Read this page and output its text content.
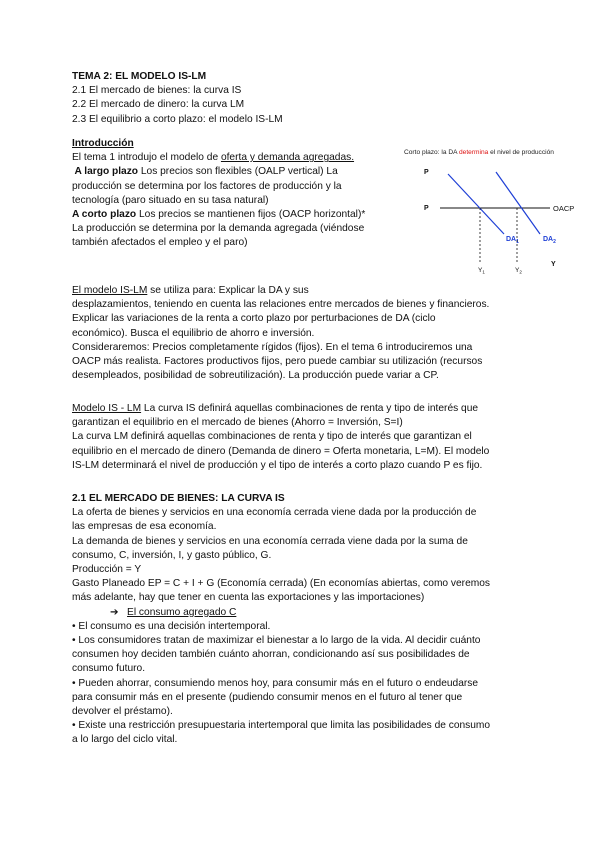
TEMA 2: EL MODELO IS-LM
2.1 El mercado de bienes: la curva IS
2.2 El mercado de dinero: la curva LM
2.3 El equilibrio a corto plazo: el modelo IS-LM
Introducción
El tema 1 introdujo el modelo de oferta y demanda agregadas.
A largo plazo Los precios son flexibles (OALP vertical) La
producción se determina por los factores de producción y la
tecnología (paro situado en su tasa natural)
A corto plazo Los precios se mantienen fijos (OACP horizontal)*
La producción se determina por la demanda agregada (viéndose
también afectados el empleo y el paro)
Corto plazo: la DA determina el nivel de producción
P
P	OACP
$DA_1$	$DA_2$
Y
$Y_1$	$Y_2$
El modelo IS-LM se utiliza para: Explicar la DA y sus
desplazamientos, teniendo en cuenta las relaciones entre mercados de bienes y financieros.
Explicar las variaciones de la renta a corto plazo por perturbaciones de DA (ciclo
económico). Busca el equilibrio de ahorro e inversión.
Consideraremos: Precios completamente rígidos (fijos). En el tema 6 introduciremos una
OACP más realista. Factores productivos fijos, pero puede cambiar su utilización (recursos
desempleados, posibilidad de sobreutilización). La producción puede variar a CP.
Modelo IS - LM La curva IS definirá aquellas combinaciones de renta y tipo de interés que
garantizan el equilibrio en el mercado de bienes (Ahorro = Inversión, S=I)
La curva LM definirá aquellas combinaciones de renta y tipo de interés que garantizan el
equilibrio en el mercado de dinero (Demanda de dinero = Oferta monetaria, L=M). El modelo
IS-LM determinará el nivel de producción y el tipo de interés a corto plazo cuando P es fijo.
2.1 EL MERCADO DE BIENES: LA CURVA IS
La oferta de bienes y servicios en una economía cerrada viene dada por la producción de
las empresas de esa economía.
La demanda de bienes y servicios en una economía cerrada viene dada por la suma de
consumo, C, inversión, I, y gasto público, G.
Producción = Y
Gasto Planeado EP = C + I + G (Economía cerrada) (En economías abiertas, como veremos
más adelante, hay que tener en cuenta las exportaciones y las importaciones)
➔ El consumo agregado C
• El consumo es una decisión intertemporal.
• Los consumidores tratan de maximizar el bienestar a lo largo de la vida. Al decidir cuánto
consumen hoy deciden también cuánto ahorran, condicionando así sus posibilidades de
consumo futuro.
• Pueden ahorrar, consumiendo menos hoy, para consumir más en el futuro o endeudarse
para consumir más en el presente (pudiendo consumir menos en el futuro al tener que
devolver el préstamo).
• Existe una restricción presupuestaria intertemporal que limita las posibilidades de consumo
a lo largo del ciclo vital.
